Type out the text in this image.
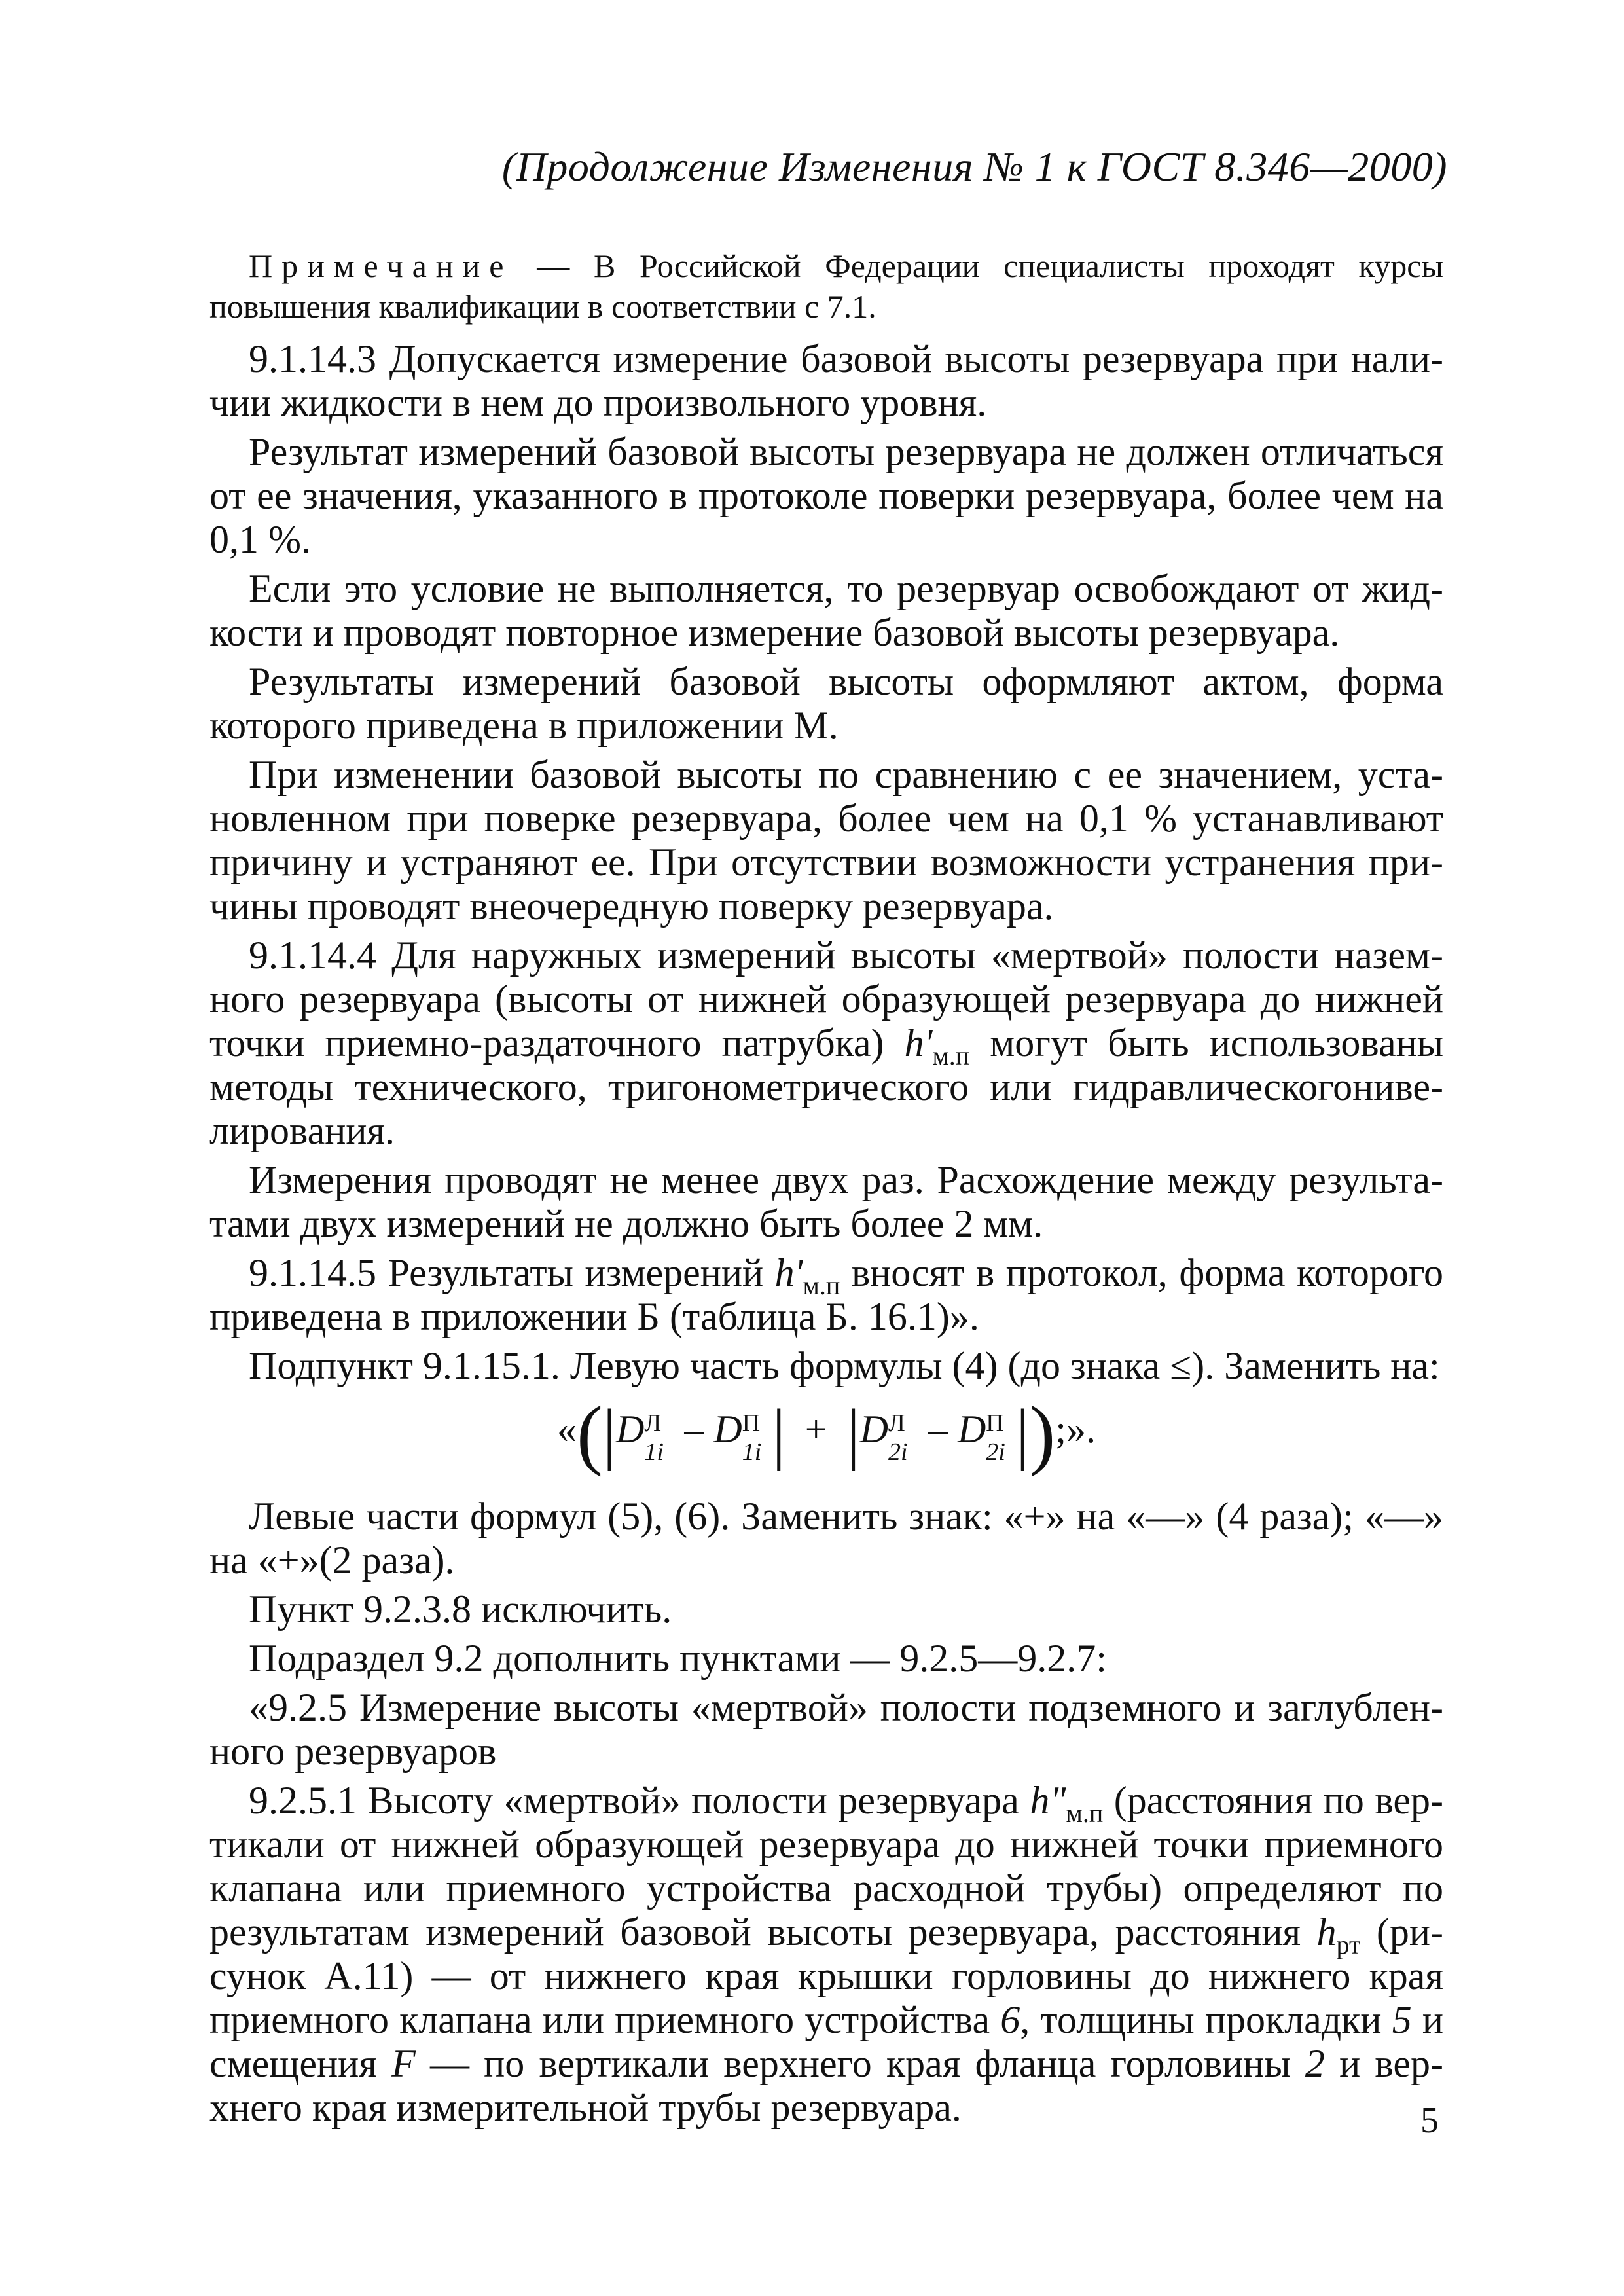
(Продолжение Изменения № 1 к ГОСТ 8.346—2000)

Примечание — В Российской Федерации специалисты проходят курсы повышения квалификации в соответствии с 7.1.

9.1.14.3 Допускается измерение базовой высоты резервуара при наличии жидкости в нем до произвольного уровня.

Результат измерений базовой высоты резервуара не должен отличаться от ее значения, указанного в протоколе поверки резервуара, более чем на 0,1 %.

Если это условие не выполняется, то резервуар освобождают от жидкости и проводят повторное измерение базовой высоты резервуара.

Результаты измерений базовой высоты оформляют актом, форма которого приведена в приложении М.

При изменении базовой высоты по сравнению с ее значением, установленном при поверке резервуара, более чем на 0,1 % устанавливают причину и устраняют ее. При отсутствии возможности устранения причины проводят внеочередную поверку резервуара.

9.1.14.4 Для наружных измерений высоты «мертвой» полости наземного резервуара (высоты от нижней образующей резервуара до нижней точки приемно-раздаточного патрубка) $h'_{м.п}$ могут быть использованы методы технического, тригонометрического или гидравлическогонивелирования.

Измерения проводят не менее двух раз. Расхождение между результатами двух измерений не должно быть более 2 мм.

9.1.14.5 Результаты измерений $h'_{м.п}$ вносят в протокол, форма которого приведена в приложении Б (таблица Б. 16.1)».

Подпункт 9.1.15.1. Левую часть формулы (4) (до знака ≤). Заменить на:

«(|D Л
1i
– D П
1i | + |D Л
2i
– D П
2i |);».

Левые части формул (5), (6). Заменить знак: «+» на «—» (4 раза); «—» на «+»(2 раза).

Пункт 9.2.3.8 исключить.

Подраздел 9.2 дополнить пунктами — 9.2.5—9.2.7:

«9.2.5 Измерение высоты «мертвой» полости подземного и заглубленного резервуаров

9.2.5.1 Высоту «мертвой» полости резервуара $h"_{м.п}$ (расстояния по вертикали от нижней образующей резервуара до нижней точки приемного клапана или приемного устройства расходной трубы) определяют по результатам измерений базовой высоты резервуара, расстояния $h_{рт}$ (рисунок А.11) — от нижнего края крышки горловины до нижнего края приемного клапана или приемного устройства 6, толщины прокладки 5 и смещения F — по вертикали верхнего края фланца горловины 2 и верхнего края измерительной трубы резервуара.	5
